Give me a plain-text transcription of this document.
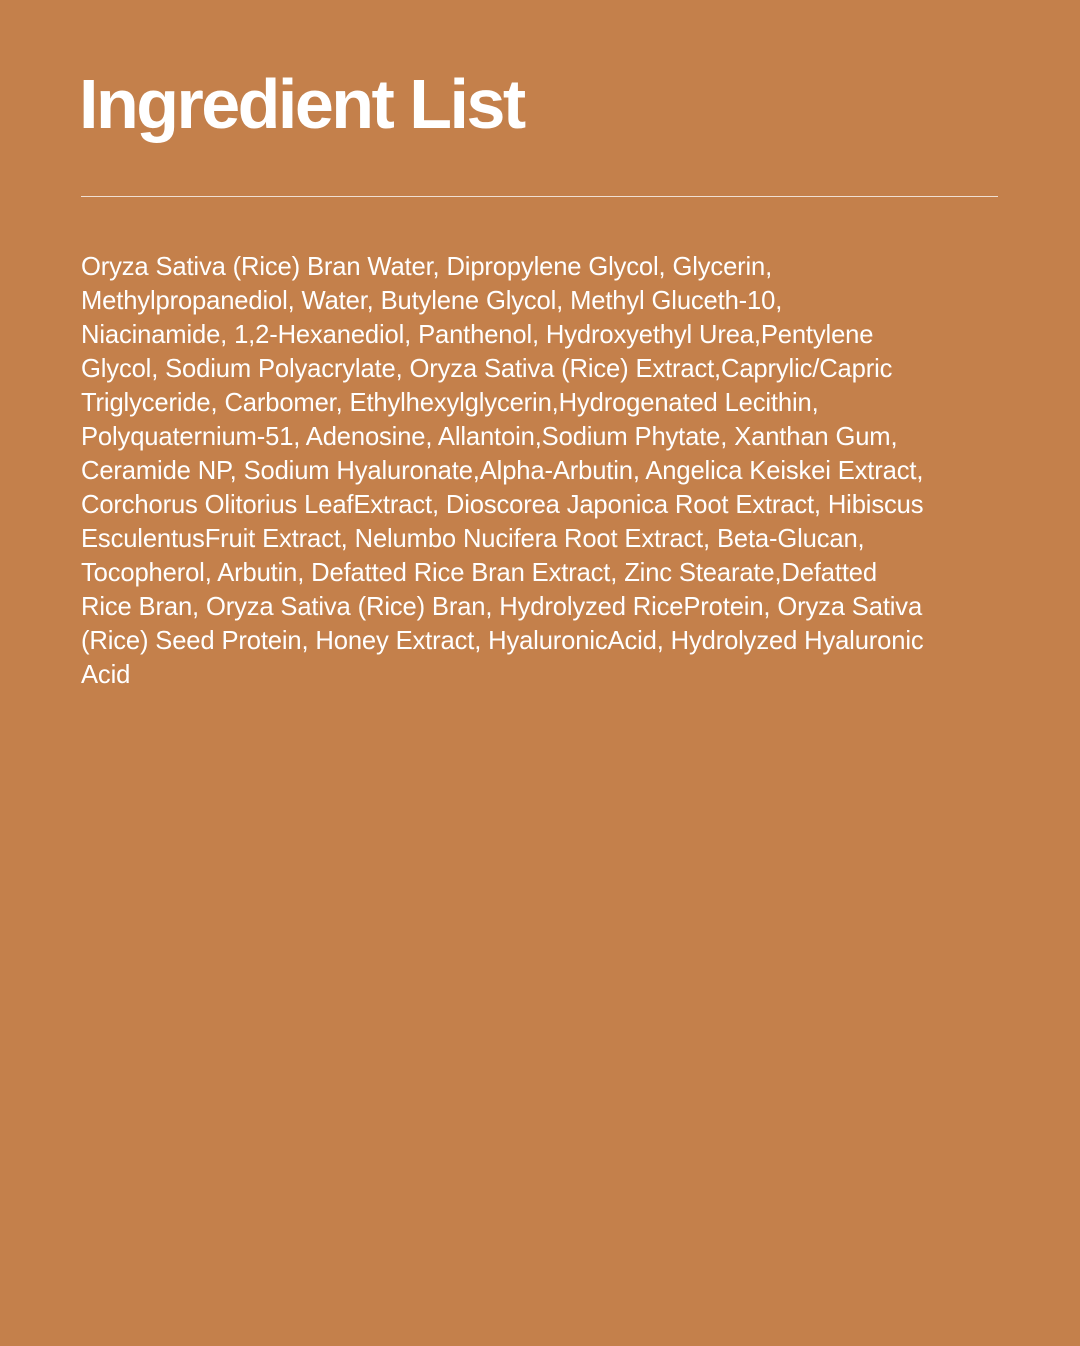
Ingredient List
Oryza Sativa (Rice) Bran Water, Dipropylene Glycol, Glycerin,
Methylpropanediol, Water, Butylene Glycol, Methyl Gluceth-10,
Niacinamide, 1,2-Hexanediol, Panthenol, Hydroxyethyl Urea,Pentylene
Glycol, Sodium Polyacrylate, Oryza Sativa (Rice) Extract,Caprylic/Capric
Triglyceride, Carbomer, Ethylhexylglycerin,Hydrogenated Lecithin,
Polyquaternium-51, Adenosine, Allantoin,Sodium Phytate, Xanthan Gum,
Ceramide NP, Sodium Hyaluronate,Alpha-Arbutin, Angelica Keiskei Extract,
Corchorus Olitorius LeafExtract, Dioscorea Japonica Root Extract, Hibiscus
EsculentusFruit Extract, Nelumbo Nucifera Root Extract, Beta-Glucan,
Tocopherol, Arbutin, Defatted Rice Bran Extract, Zinc Stearate,Defatted
Rice Bran, Oryza Sativa (Rice) Bran, Hydrolyzed RiceProtein, Oryza Sativa
(Rice) Seed Protein, Honey Extract, HyaluronicAcid, Hydrolyzed Hyaluronic
Acid
